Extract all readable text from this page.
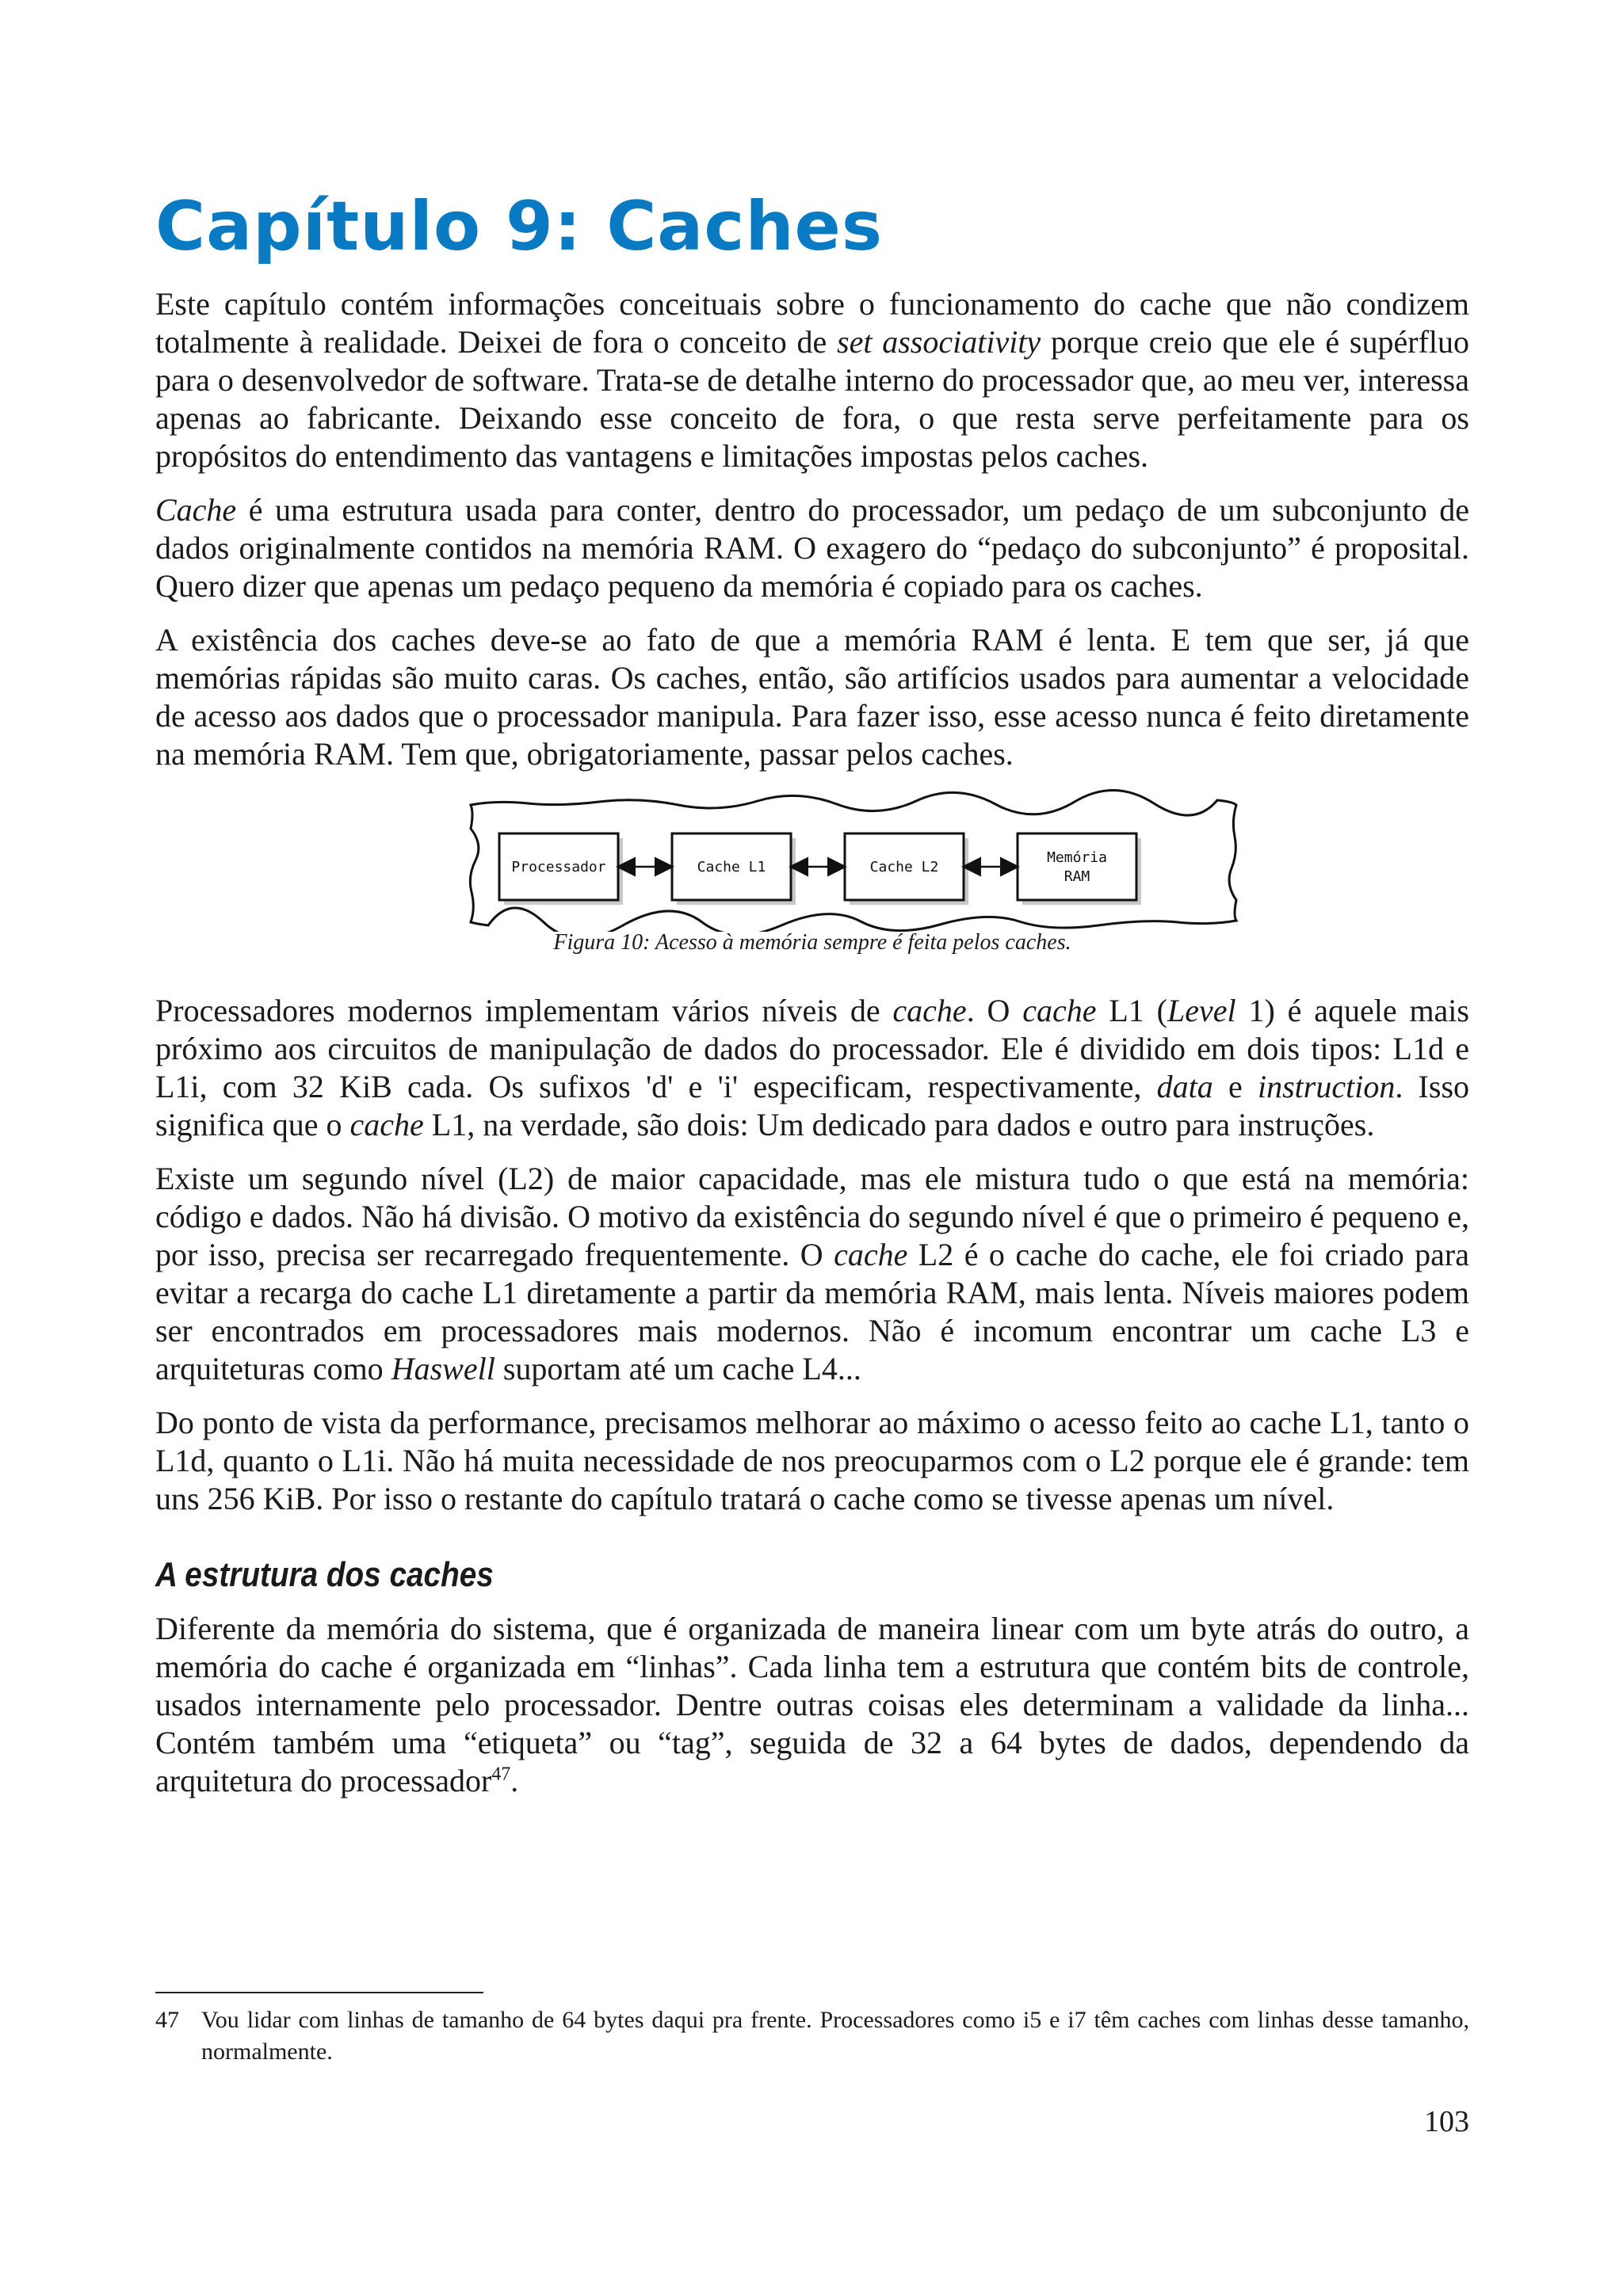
Capítulo 9: Caches

Este capítulo contém informações conceituais sobre o funcionamento do cache que não condizem totalmente à realidade. Deixei de fora o conceito de set associativity porque creio que ele é supérfluo para o desenvolvedor de software. Trata-se de detalhe interno do processador que, ao meu ver, interessa apenas ao fabricante. Deixando esse conceito de fora, o que resta serve perfeitamente para os propósitos do entendimento das vantagens e limitações impostas pelos caches.

Cache é uma estrutura usada para conter, dentro do processador, um pedaço de um subconjunto de dados originalmente contidos na memória RAM. O exagero do “pedaço do subconjunto” é proposital. Quero dizer que apenas um pedaço pequeno da memória é copiado para os caches.

A existência dos caches deve-se ao fato de que a memória RAM é lenta. E tem que ser, já que memórias rápidas são muito caras. Os caches, então, são artifícios usados para aumentar a velocidade de acesso aos dados que o processador manipula. Para fazer isso, esse acesso nunca é feito diretamente na memória RAM. Tem que, obrigatoriamente, passar pelos caches.

Processador	Cache L1	Cache L2
Memória
RAM
Figura 10: Acesso à memória sempre é feita pelos caches.

Processadores modernos implementam vários níveis de cache. O cache L1 (Level 1) é aquele mais próximo aos circuitos de manipulação de dados do processador. Ele é dividido em dois tipos: L1d e L1i, com 32 KiB cada. Os sufixos 'd' e 'i' especificam, respectivamente, data e instruction. Isso significa que o cache L1, na verdade, são dois: Um dedicado para dados e outro para instruções.

Existe um segundo nível (L2) de maior capacidade, mas ele mistura tudo o que está na memória: código e dados. Não há divisão. O motivo da existência do segundo nível é que o primeiro é pequeno e, por isso, precisa ser recarregado frequentemente. O cache L2 é o cache do cache, ele foi criado para evitar a recarga do cache L1 diretamente a partir da memória RAM, mais lenta. Níveis maiores podem ser encontrados em processadores mais modernos. Não é incomum encontrar um cache L3 e arquiteturas como Haswell suportam até um cache L4...

Do ponto de vista da performance, precisamos melhorar ao máximo o acesso feito ao cache L1, tanto o L1d, quanto o L1i. Não há muita necessidade de nos preocuparmos com o L2 porque ele é grande: tem uns 256 KiB. Por isso o restante do capítulo tratará o cache como se tivesse apenas um nível.

A estrutura dos caches

Diferente da memória do sistema, que é organizada de maneira linear com um byte atrás do outro, a memória do cache é organizada em “linhas”. Cada linha tem a estrutura que contém bits de controle, usados internamente pelo processador. Dentre outras coisas eles determinam a validade da linha... Contém também uma “etiqueta” ou “tag”, seguida de 32 a 64 bytes de dados, dependendo da arquitetura do processador$^{47}$.

47 Vou lidar com linhas de tamanho de 64 bytes daqui pra frente. Processadores como i5 e i7 têm caches com linhas desse tamanho, normalmente.
103
